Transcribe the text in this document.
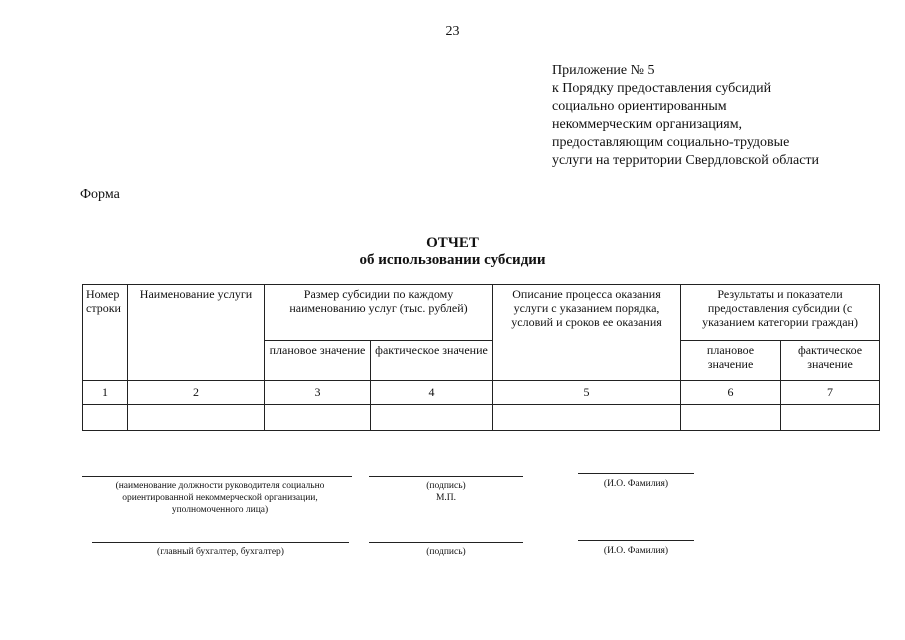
23
Приложение № 5
к Порядку предоставления субсидий
социально ориентированным
некоммерческим организациям,
предоставляющим социально-трудовые
услуги на территории Свердловской области
Форма
ОТЧЕТ
об использовании субсидии
Номер строки	Наименование услуги	Размер субсидии по каждому наименованию услуг (тыс. рублей)		Описание процесса оказания услуги с указанием порядка, условий и сроков ее оказания	Результаты и показатели предоставления субсидии (с указанием категории граждан)	
		плановое значение	фактическое значение		плановое значение	фактическое значение
1	2	3	4	5	6	7

(наименование должности руководителя социально ориентированной некоммерческой организации, уполномоченного лица)
(подпись)
М.П.
(И.О. Фамилия)
(главный бухгалтер, бухгалтер)	(подпись)	(И.О. Фамилия)
